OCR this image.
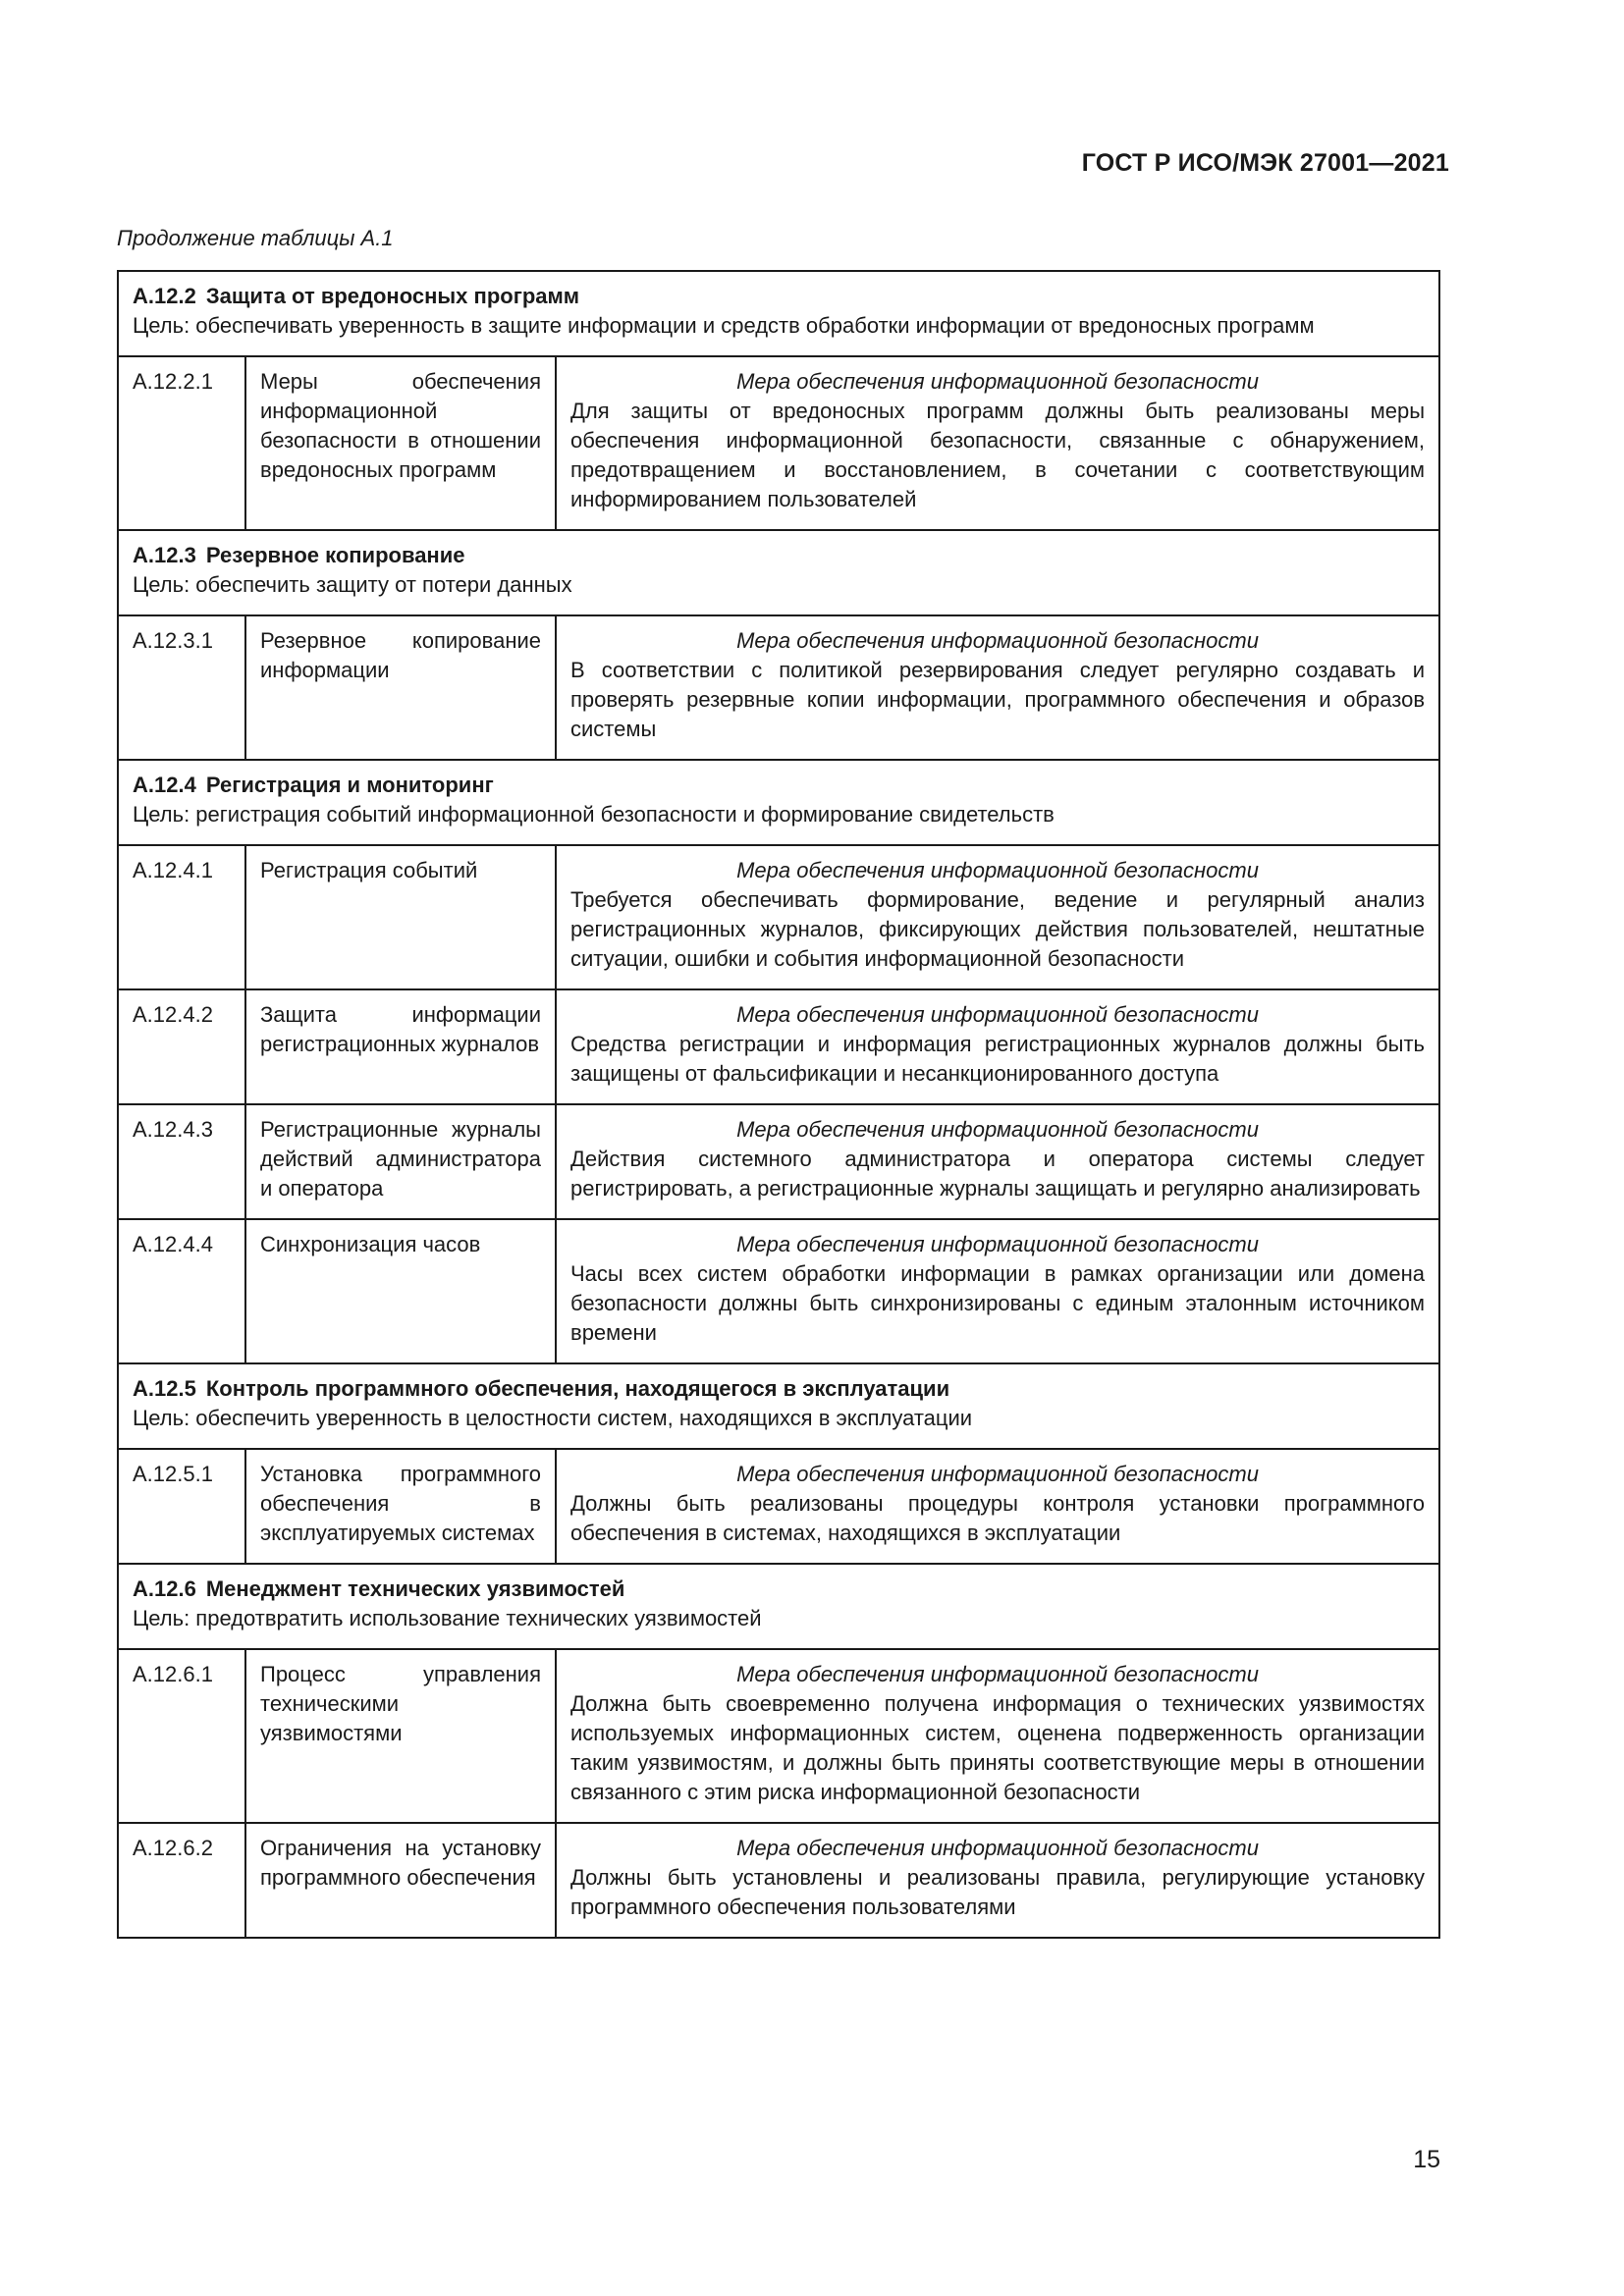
ГОСТ Р ИСО/МЭК 27001—2021
Продолжение таблицы А.1
А.12.2 Защита от вредоносных программ
Цель: обеспечивать уверенность в защите информации и средств обработки информации от вредоносных программ		

А.12.2.1	Меры обеспечения информационной безопасности в отношении вредоносных программ	Мера обеспечения информационной безопасности
Для защиты от вредоносных программ должны быть реализованы меры обеспечения информационной безопасности, связанные с обнаружением, предотвращением и восстановлением, в сочетании с соответствующим информированием пользователей

А.12.3 Резервное копирование
Цель: обеспечить защиту от потери данных		

А.12.3.1	Резервное копирование информации	Мера обеспечения информационной безопасности
В соответствии с политикой резервирования следует регулярно создавать и проверять резервные копии информации, программного обеспечения и образов системы

А.12.4 Регистрация и мониторинг
Цель: регистрация событий информационной безопасности и формирование свидетельств		

А.12.4.1	Регистрация событий	Мера обеспечения информационной безопасности
Требуется обеспечивать формирование, ведение и регулярный анализ регистрационных журналов, фиксирующих действия пользователей, нештатные ситуации, ошибки и события информационной безопасности

А.12.4.2	Защита информации регистрационных журналов	Мера обеспечения информационной безопасности
Средства регистрации и информация регистрационных журналов должны быть защищены от фальсификации и несанкционированного доступа

А.12.4.3	Регистрационные журналы действий администратора и оператора	Мера обеспечения информационной безопасности
Действия системного администратора и оператора системы следует регистрировать, а регистрационные журналы защищать и регулярно анализировать

А.12.4.4	Синхронизация часов	Мера обеспечения информационной безопасности
Часы всех систем обработки информации в рамках организации или домена безопасности должны быть синхронизированы с единым эталонным источником времени

А.12.5 Контроль программного обеспечения, находящегося в эксплуатации
Цель: обеспечить уверенность в целостности систем, находящихся в эксплуатации		

А.12.5.1	Установка программного обеспечения в эксплуатируемых системах	Мера обеспечения информационной безопасности
Должны быть реализованы процедуры контроля установки программного обеспечения в системах, находящихся в эксплуатации

А.12.6 Менеджмент технических уязвимостей
Цель: предотвратить использование технических уязвимостей		

А.12.6.1	Процесс управления техническими уязвимостями	Мера обеспечения информационной безопасности
Должна быть своевременно получена информация о технических уязвимостях используемых информационных систем, оценена подверженность организации таким уязвимостям, и должны быть приняты соответствующие меры в отношении связанного с этим риска информационной безопасности

А.12.6.2	Ограничения на установку программного обеспечения	Мера обеспечения информационной безопасности
Должны быть установлены и реализованы правила, регулирующие установку программного обеспечения пользователями
15
